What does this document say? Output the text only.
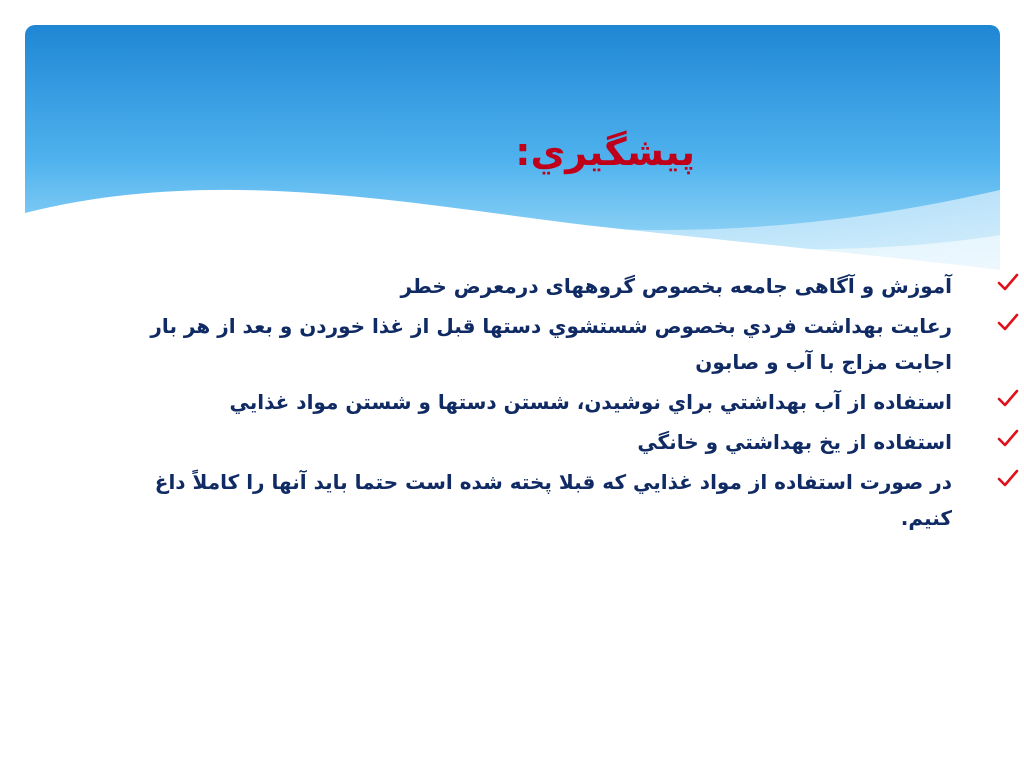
پيشگيري:
آموزش و آگاهی جامعه بخصوص گروههای درمعرض خطر
رعایت بهداشت فردي بخصوص شستشوي دستها قبل از غذا خوردن و بعد از هر بار اجابت مزاج با آب و صابون
استفاده از آب بهداشتي براي نوشيدن، شستن دستها و شستن مواد غذايي
استفاده از یخ بهداشتي و خانگي
در صورت استفاده از مواد غذايي كه قبلا پخته شده است حتما بايد آنها را كاملاً داغ كنيم.
